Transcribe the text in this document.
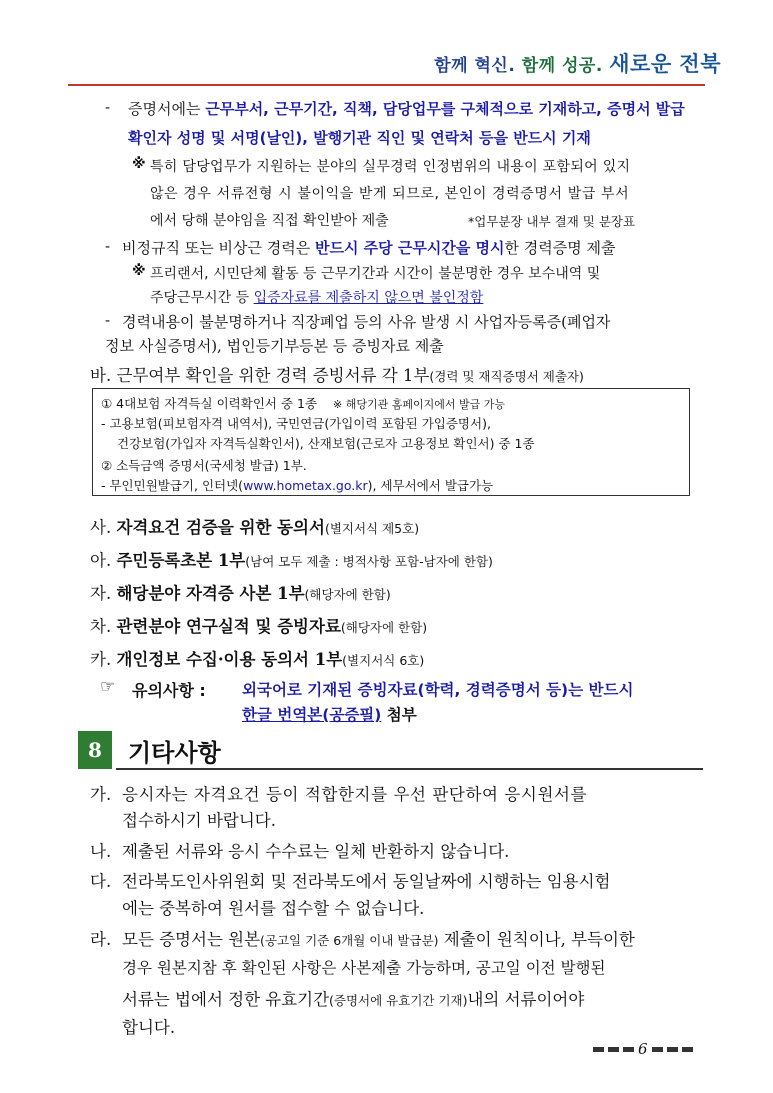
함께 혁신. 함께 성공. 새로운 전북
- 증명서에는 근무부서, 근무기간, 직책, 담당업무를 구체적으로 기재하고, 증명서 발급
확인자 성명 및 서명(날인), 발행기관 직인 및 연락처 등을 반드시 기재
※ 특히 담당업무가 지원하는 분야의 실무경력 인정범위의 내용이 포함되어 있지
않은 경우 서류전형 시 불이익을 받게 되므로, 본인이 경력증명서 발급 부서
에서 당해 분야임을 직접 확인받아 제출	*업무분장 내부 결재 및 분장표
- 비정규직 또는 비상근 경력은 반드시 주당 근무시간을 명시한 경력증명 제출
※ 프리랜서, 시민단체 활동 등 근무기간과 시간이 불분명한 경우 보수내역 및
주당근무시간 등 입증자료를 제출하지 않으면 불인정함
- 경력내용이 불분명하거나 직장폐업 등의 사유 발생 시 사업자등록증(폐업자
정보 사실증명서), 법인등기부등본 등 증빙자료 제출
바. 근무여부 확인을 위한 경력 증빙서류 각 1부(경력 및 재직증명서 제출자)
① 4대보험 자격득실 이력확인서 중 1종 ※ 해당기관 홈페이지에서 발급 가능
- 고용보험(피보험자격 내역서), 국민연금(가입이력 포함된 가입증명서),
건강보험(가입자 자격득실확인서), 산재보험(근로자 고용정보 확인서) 중 1종
② 소득금액 증명서(국세청 발급) 1부.
- 무인민원발급기, 인터넷(www.hometax.go.kr), 세무서에서 발급가능
사. 자격요건 검증을 위한 동의서(별지서식 제5호)
아. 주민등록초본 1부(남여 모두 제출 : 병적사항 포함-남자에 한함)
자. 해당분야 자격증 사본 1부(해당자에 한함)
차. 관련분야 연구실적 및 증빙자료(해당자에 한함)
카. 개인정보 수집·이용 동의서 1부(별지서식 6호)
☞ 유의사항 : 외국어로 기재된 증빙자료(학력, 경력증명서 등)는 반드시
한글 번역본(공증필) 첨부
8	기타사항
가. 응시자는 자격요건 등이 적합한지를 우선 판단하여 응시원서를
접수하시기 바랍니다.
나. 제출된 서류와 응시 수수료는 일체 반환하지 않습니다.
다. 전라북도인사위원회 및 전라북도에서 동일날짜에 시행하는 임용시험
에는 중복하여 원서를 접수할 수 없습니다.
라. 모든 증명서는 원본(공고일 기준 6개월 이내 발급분) 제출이 원칙이나, 부득이한
경우 원본지참 후 확인된 사항은 사본제출 가능하며, 공고일 이전 발행된
서류는 법에서 정한 유효기간(증명서에 유효기간 기재)내의 서류이어야
합니다.
6
